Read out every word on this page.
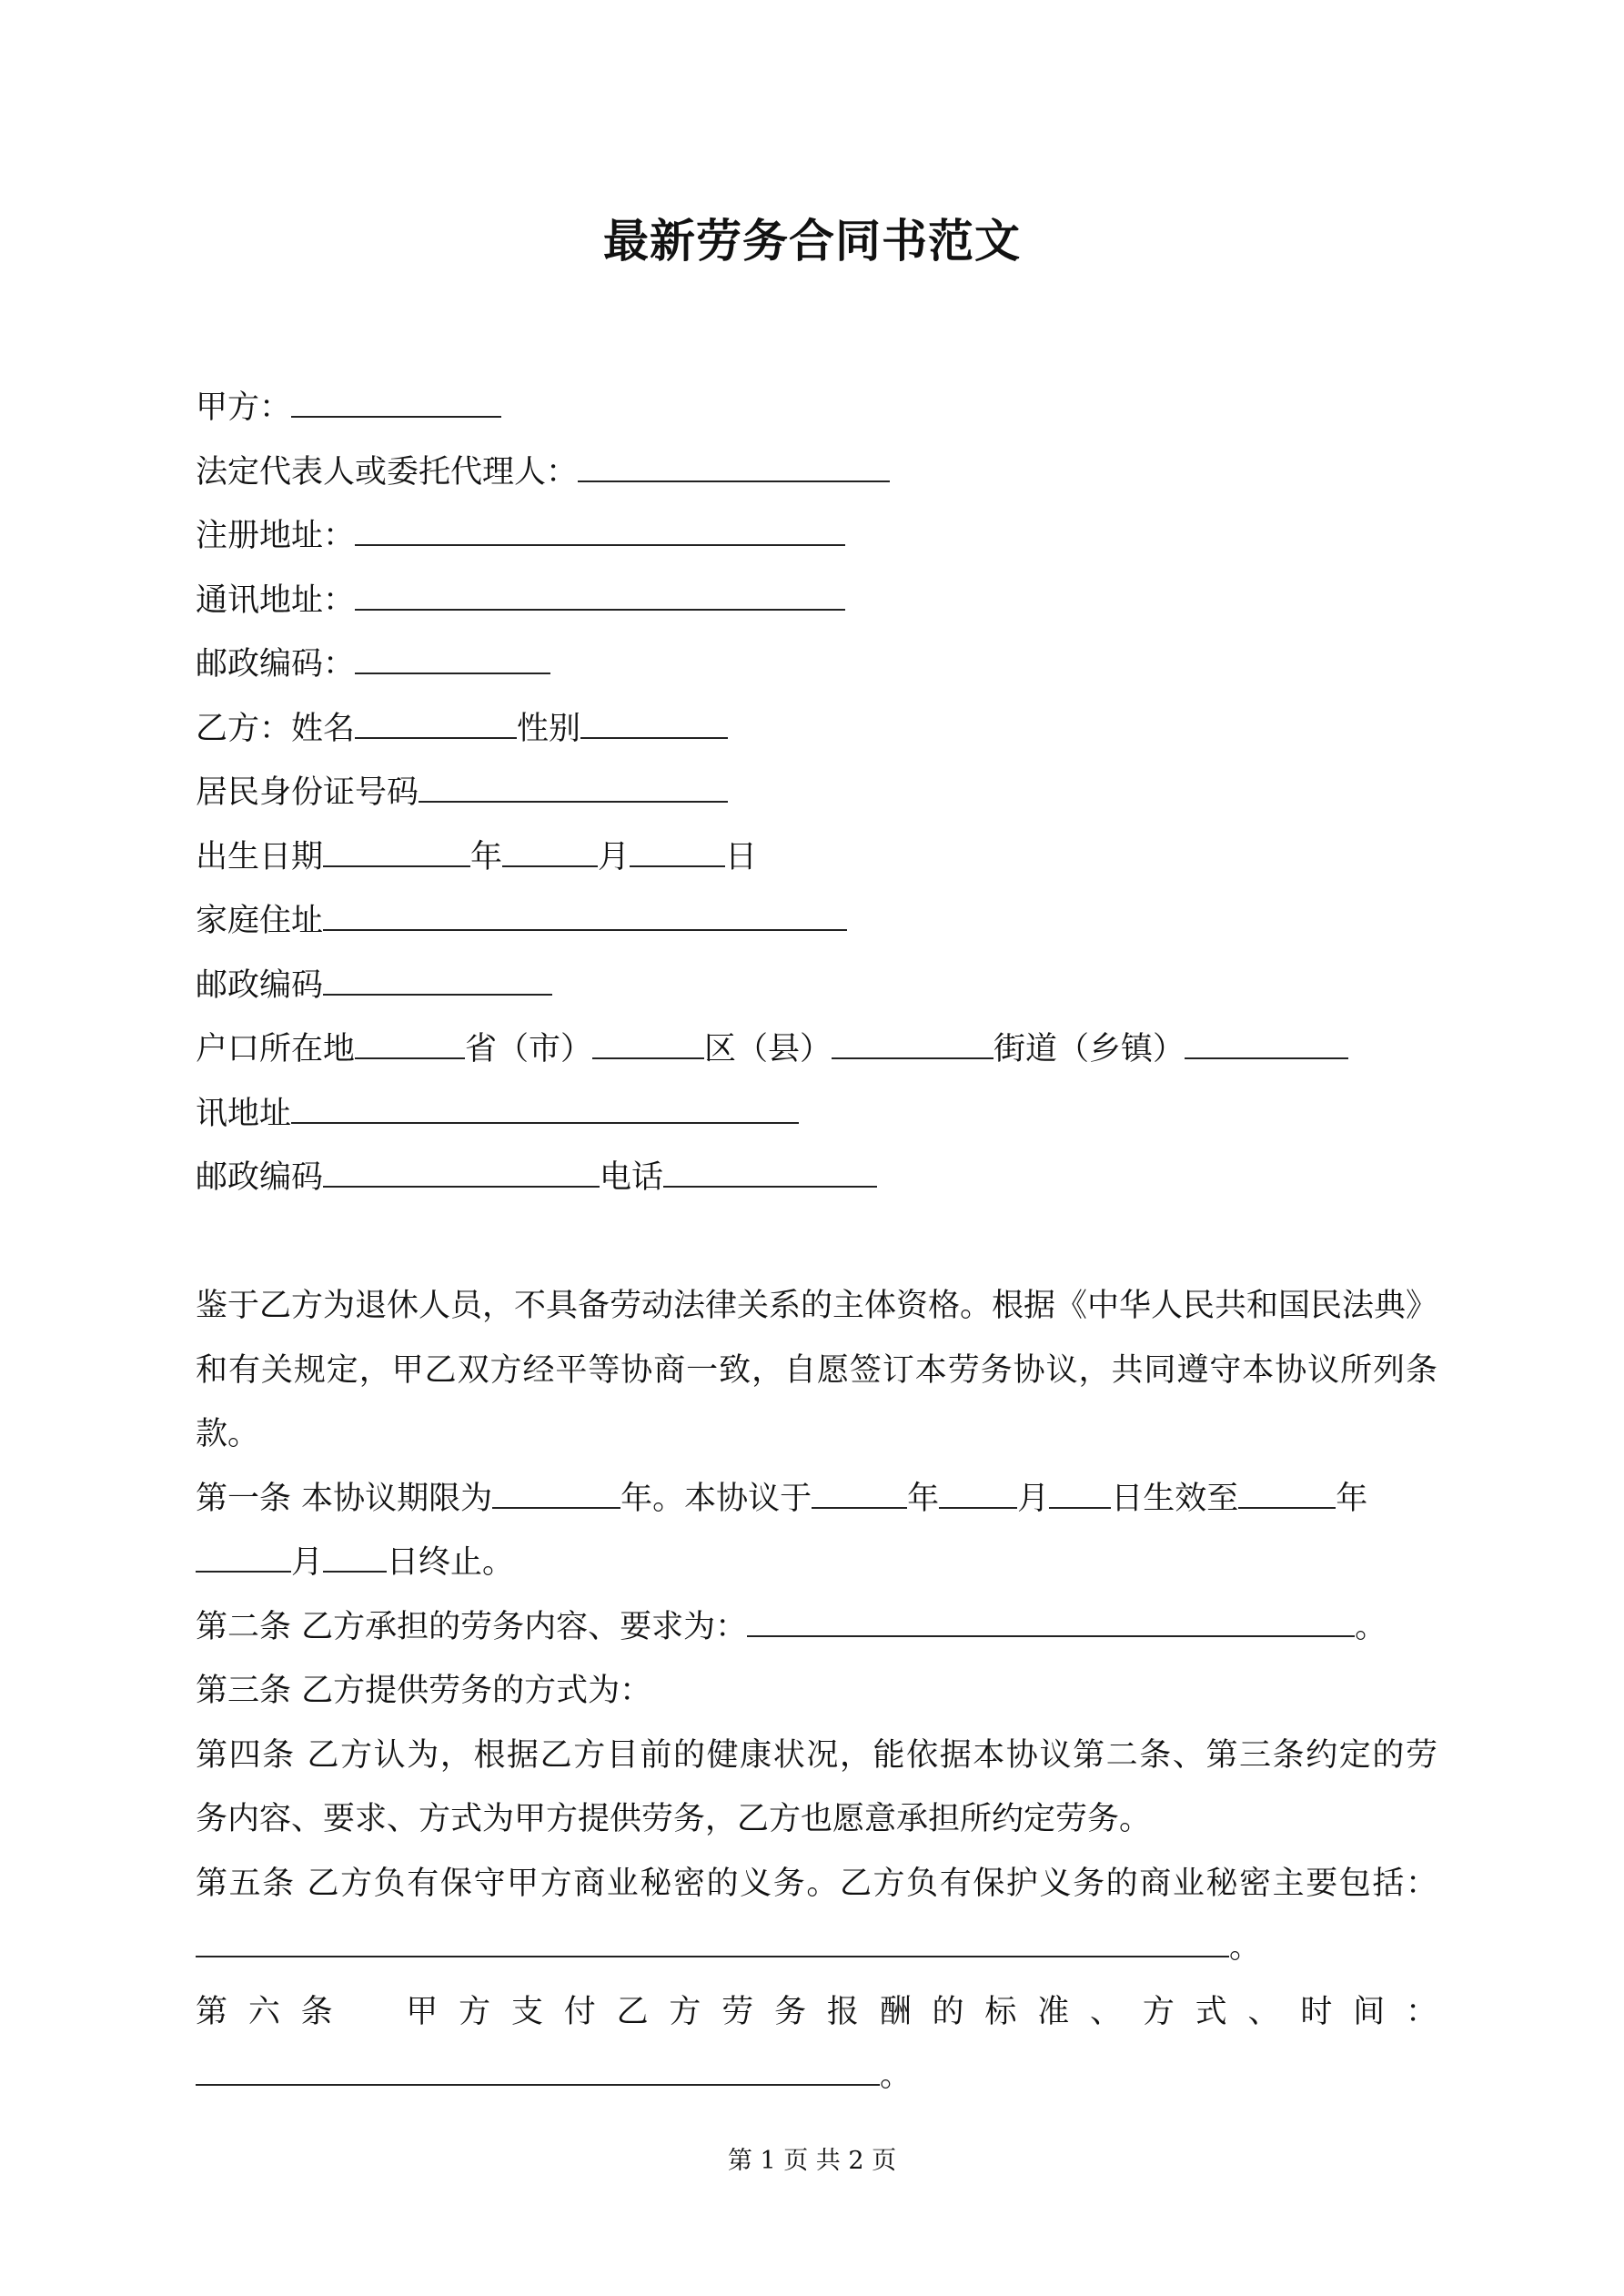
最新劳务合同书范文
甲方：
法定代表人或委托代理人：
注册地址：
通讯地址：
邮政编码：
乙方：姓名	性别
居民身份证号码
出生日期	年	月	日
家庭住址
邮政编码
户口所在地	省（市）	区（县）	街道（乡镇）
讯地址
邮政编码	电话
鉴于乙方为退休人员，不具备劳动法律关系的主体资格。根据《中华人民共和国民法典》
和有关规定，甲乙双方经平等协商一致，自愿签订本劳务协议，共同遵守本协议所列条
款。
第一条 本协议期限为	年。本协议于	年 月 日生效至	年
月 日终止。
第二条 乙方承担的劳务内容、要求为：	。
第三条 乙方提供劳务的方式为：
第四条 乙方认为，根据乙方目前的健康状况，能依据本协议第二条、第三条约定的劳
务内容、要求、方式为甲方提供劳务，乙方也愿意承担所约定劳务。
第五条 乙方负有保守甲方商业秘密的义务。乙方负有保护义务的商业秘密主要包括：
。
第六条　甲方支付乙方劳务报酬的标准、方式、时间：
。
第 1 页 共 2 页
